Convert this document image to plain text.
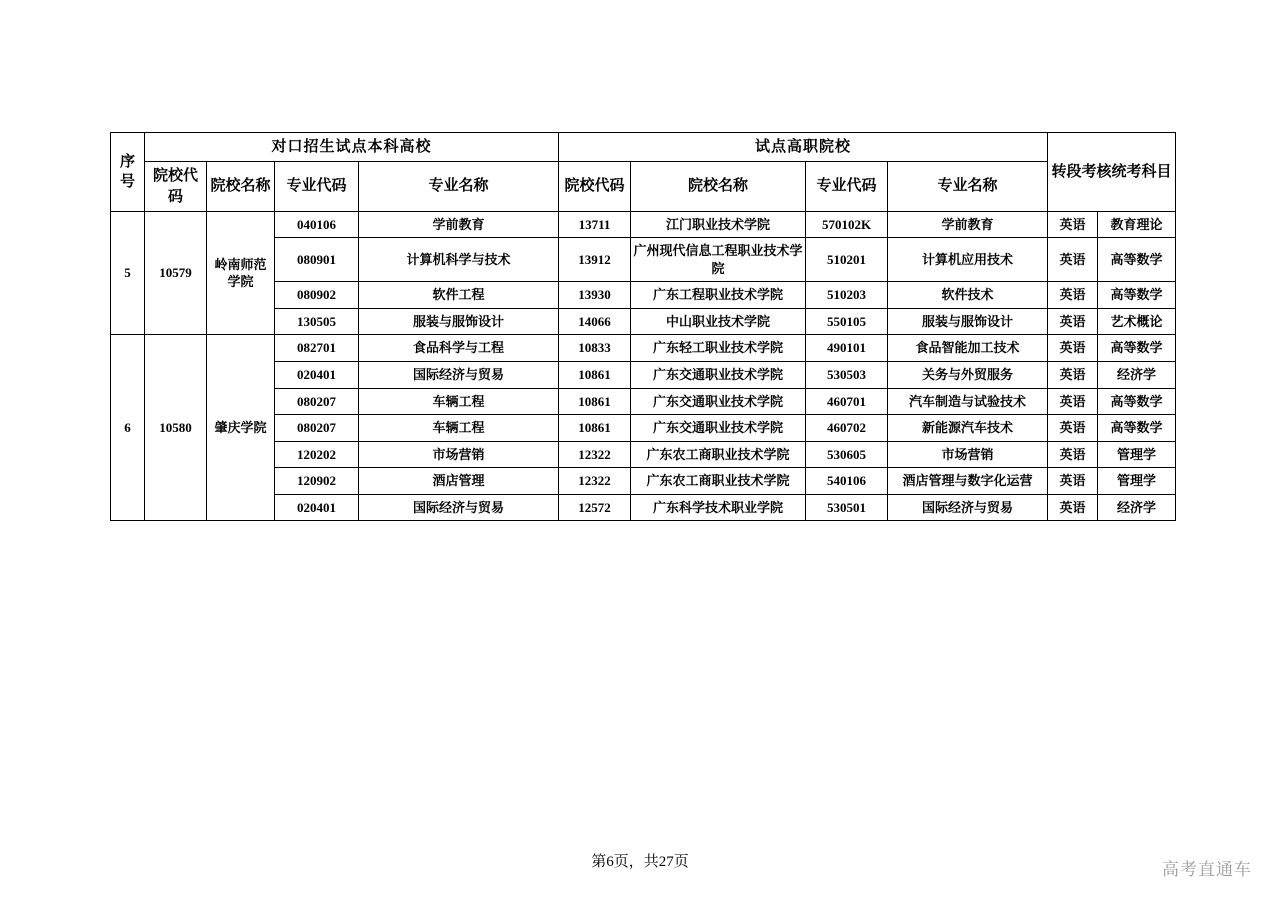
序号	对口招生试点本科高校				试点高职院校				转段考核统考科目	
	院校代码	院校名称	专业代码	专业名称	院校代码	院校名称	专业代码	专业名称		
5	10579	岭南师范学院	040106	学前教育	13711	江门职业技术学院	570102K	学前教育	英语	教育理论
			080901	计算机科学与技术	13912	广州现代信息工程职业技术学院	510201	计算机应用技术	英语	高等数学
			080902	软件工程	13930	广东工程职业技术学院	510203	软件技术	英语	高等数学
			130505	服装与服饰设计	14066	中山职业技术学院	550105	服装与服饰设计	英语	艺术概论
6	10580	肇庆学院	082701	食品科学与工程	10833	广东轻工职业技术学院	490101	食品智能加工技术	英语	高等数学
			020401	国际经济与贸易	10861	广东交通职业技术学院	530503	关务与外贸服务	英语	经济学
			080207	车辆工程	10861	广东交通职业技术学院	460701	汽车制造与试验技术	英语	高等数学
			080207	车辆工程	10861	广东交通职业技术学院	460702	新能源汽车技术	英语	高等数学
			120202	市场营销	12322	广东农工商职业技术学院	530605	市场营销	英语	管理学
			120902	酒店管理	12322	广东农工商职业技术学院	540106	酒店管理与数字化运营	英语	管理学
			020401	国际经济与贸易	12572	广东科学技术职业学院	530501	国际经济与贸易	英语	经济学
第6页，共27页	高考直通车
